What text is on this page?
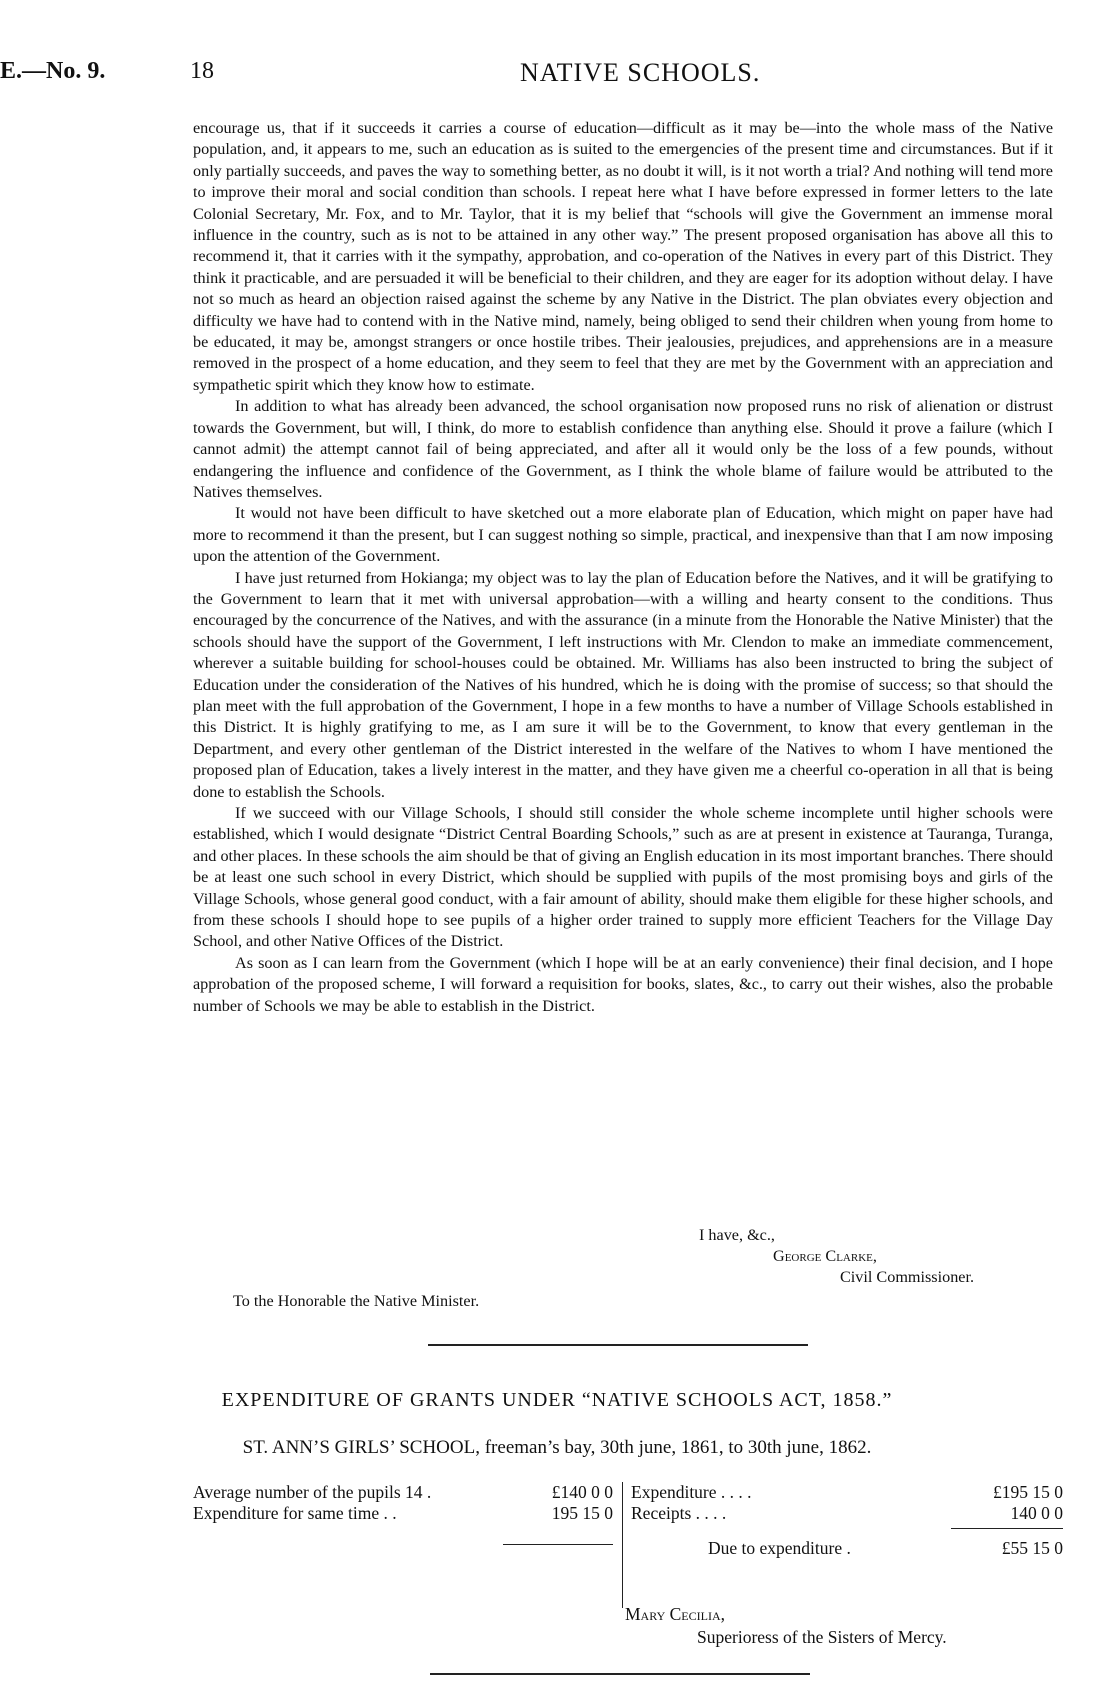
E.—No. 9.	18	NATIVE SCHOOLS.

encourage us, that if it succeeds it carries a course of education—difficult as it may be—into the whole mass of the Native population, and, it appears to me, such an education as is suited to the emergencies of the present time and circumstances. But if it only partially succeeds, and paves the way to something better, as no doubt it will, is it not worth a trial? And nothing will tend more to improve their moral and social condition than schools. I repeat here what I have before expressed in former letters to the late Colonial Secretary, Mr. Fox, and to Mr. Taylor, that it is my belief that “schools will give the Government an immense moral influence in the country, such as is not to be attained in any other way.” The present proposed organisation has above all this to recommend it, that it carries with it the sympathy, approbation, and co-operation of the Natives in every part of this District. They think it practicable, and are persuaded it will be beneficial to their children, and they are eager for its adoption without delay. I have not so much as heard an objection raised against the scheme by any Native in the District. The plan obviates every objection and difficulty we have had to contend with in the Native mind, namely, being obliged to send their children when young from home to be educated, it may be, amongst strangers or once hostile tribes. Their jealousies, prejudices, and apprehensions are in a measure removed in the prospect of a home education, and they seem to feel that they are met by the Government with an appreciation and sympathetic spirit which they know how to estimate.

In addition to what has already been advanced, the school organisation now proposed runs no risk of alienation or distrust towards the Government, but will, I think, do more to establish confidence than anything else. Should it prove a failure (which I cannot admit) the attempt cannot fail of being appreciated, and after all it would only be the loss of a few pounds, without endangering the influence and confidence of the Government, as I think the whole blame of failure would be attributed to the Natives themselves.

It would not have been difficult to have sketched out a more elaborate plan of Education, which might on paper have had more to recommend it than the present, but I can suggest nothing so simple, practical, and inexpensive than that I am now imposing upon the attention of the Government.

I have just returned from Hokianga; my object was to lay the plan of Education before the Natives, and it will be gratifying to the Government to learn that it met with universal approbation—with a willing and hearty consent to the conditions. Thus encouraged by the concurrence of the Natives, and with the assurance (in a minute from the Honorable the Native Minister) that the schools should have the support of the Government, I left instructions with Mr. Clendon to make an immediate commencement, wherever a suitable building for school-houses could be obtained. Mr. Williams has also been instructed to bring the subject of Education under the consideration of the Natives of his hundred, which he is doing with the promise of success; so that should the plan meet with the full approbation of the Government, I hope in a few months to have a number of Village Schools established in this District. It is highly gratifying to me, as I am sure it will be to the Government, to know that every gentleman in the Department, and every other gentleman of the District interested in the welfare of the Natives to whom I have mentioned the proposed plan of Education, takes a lively interest in the matter, and they have given me a cheerful co-operation in all that is being done to establish the Schools.

If we succeed with our Village Schools, I should still consider the whole scheme incomplete until higher schools were established, which I would designate “District Central Boarding Schools,” such as are at present in existence at Tauranga, Turanga, and other places. In these schools the aim should be that of giving an English education in its most important branches. There should be at least one such school in every District, which should be supplied with pupils of the most promising boys and girls of the Village Schools, whose general good conduct, with a fair amount of ability, should make them eligible for these higher schools, and from these schools I should hope to see pupils of a higher order trained to supply more efficient Teachers for the Village Day School, and other Native Offices of the District.

As soon as I can learn from the Government (which I hope will be at an early convenience) their final decision, and I hope approbation of the proposed scheme, I will forward a requisition for books, slates, &c., to carry out their wishes, also the probable number of Schools we may be able to establish in the District.

I have, &c.,
George Clarke,
Civil Commissioner.
To the Honorable the Native Minister.
EXPENDITURE OF GRANTS UNDER “NATIVE SCHOOLS ACT, 1858.”
ST. ANN’S GIRLS’ SCHOOL, freeman’s bay, 30th june, 1861, to 30th june, 1862.
Average number of the pupils 14 .	£140 0 0
Expenditure for same time . .	195 15 0
Expenditure . . . .	£195 15 0
Receipts . . . .	140 0 0
Due to expenditure .	£55 15 0
Mary Cecilia,
Superioress of the Sisters of Mercy.
